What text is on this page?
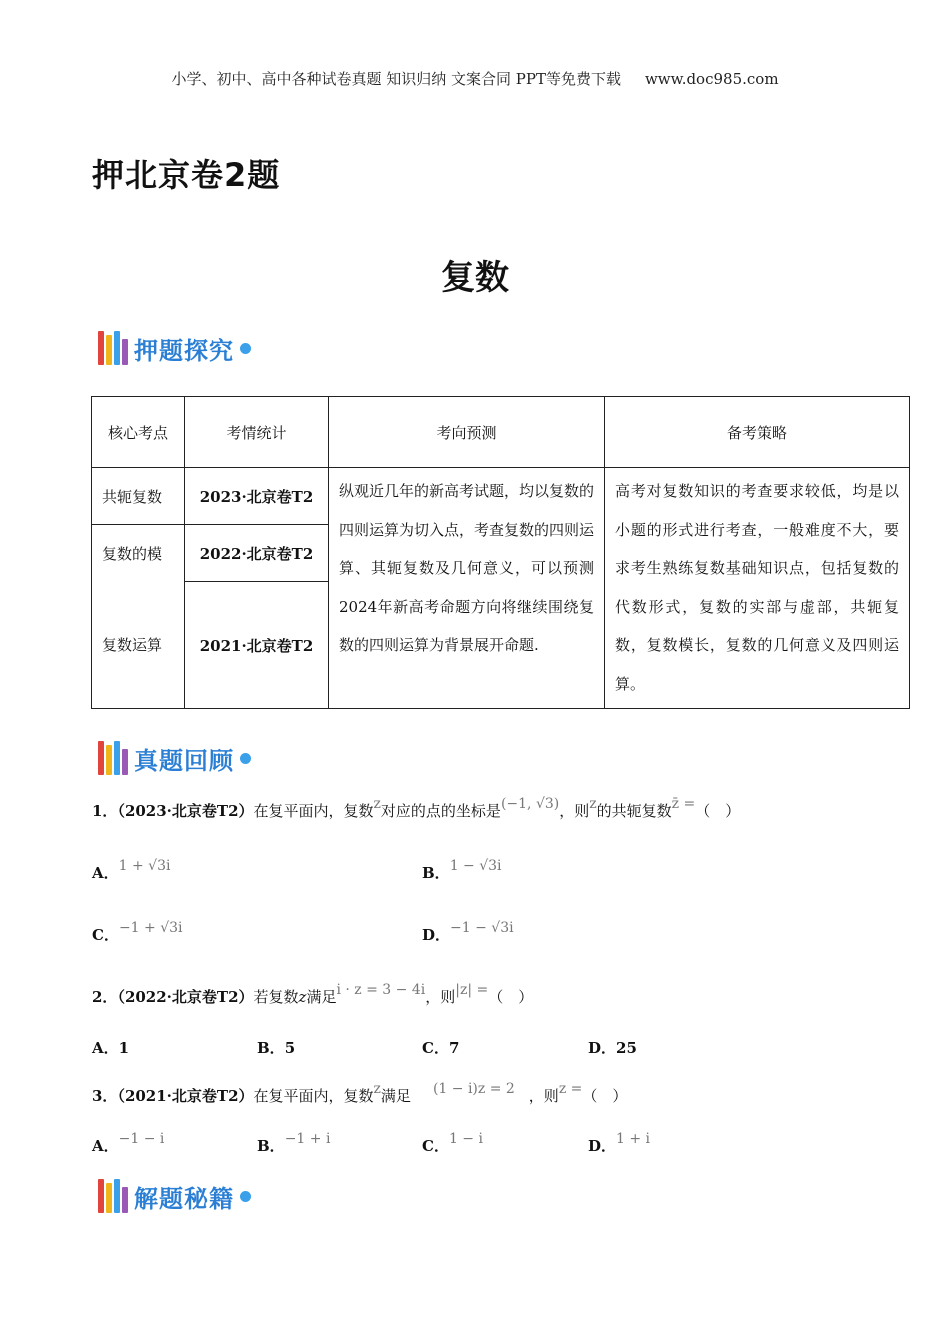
小学、初中、高中各种试卷真题 知识归纳 文案合同 PPT等免费下载 www.doc985.com
押北京卷2题
复数
押题探究
核心考点	考情统计	考向预测	备考策略
共轭复数	2023·北京卷T2	纵观近几年的新高考试题，均以复数的四则运算为切入点，考查复数的四则运算、其轭复数及几何意义，可以预测2024年新高考命题方向将继续围绕复数的四则运算为背景展开命题.	高考对复数知识的考查要求较低，均是以小题的形式进行考查，一般难度不大，要求考生熟练复数基础知识点，包括复数的代数形式，复数的实部与虚部，共轭复数，复数模长，复数的几何意义及四则运算。
复数的模	2022·北京卷T2		
复数运算	2021·北京卷T2		
真题回顾
1．（2023·北京卷T2）在复平面内，复数z对应的点的坐标是(−1, √3)，则z的共轭复数z̄ =（　）
A．1 + √3i	B．1 − √3i
C．−1 + √3i	D．−1 − √3i
2．（2022·北京卷T2）若复数z满足i · z = 3 − 4i，则|z| =（　）
A．1	B．5	C．7	D．25
3．（2021·北京卷T2）在复平面内，复数z满足 (1 − i)z = 2 ，则z =（　）
A．−1 − i	B．−1 + i	C．1 − i	D．1 + i
解题秘籍
